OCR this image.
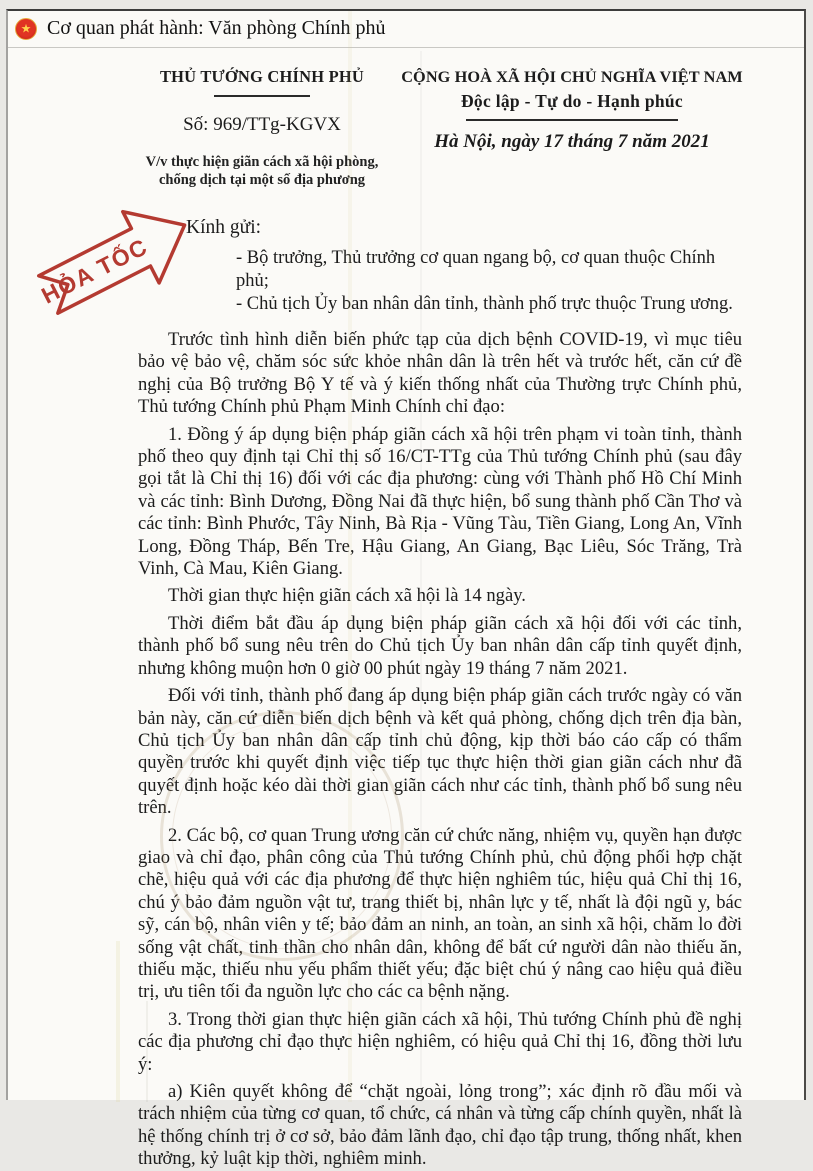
★
Cơ quan phát hành: Văn phòng Chính phủ
THỦ TƯỚNG CHÍNH PHỦ
Số: 969/TTg-KGVX
V/v thực hiện giãn cách xã hội phòng,
chống dịch tại một số địa phương
CỘNG HOÀ XÃ HỘI CHỦ NGHĨA VIỆT NAM
Độc lập - Tự do - Hạnh phúc
Hà Nội, ngày 17 tháng 7 năm 2021
HỎA TỐC
Kính gửi:
- Bộ trưởng, Thủ trưởng cơ quan ngang bộ, cơ quan thuộc Chính phủ;
- Chủ tịch Ủy ban nhân dân tỉnh, thành phố trực thuộc Trung ương.

Trước tình hình diễn biến phức tạp của dịch bệnh COVID-19, vì mục tiêu bảo vệ bảo vệ, chăm sóc sức khỏe nhân dân là trên hết và trước hết, căn cứ đề nghị của Bộ trưởng Bộ Y tế và ý kiến thống nhất của Thường trực Chính phủ, Thủ tướng Chính phủ Phạm Minh Chính chỉ đạo:

1. Đồng ý áp dụng biện pháp giãn cách xã hội trên phạm vi toàn tỉnh, thành phố theo quy định tại Chỉ thị số 16/CT-TTg của Thủ tướng Chính phủ (sau đây gọi tắt là Chỉ thị 16) đối với các địa phương: cùng với Thành phố Hồ Chí Minh và các tỉnh: Bình Dương, Đồng Nai đã thực hiện, bổ sung thành phố Cần Thơ và các tỉnh: Bình Phước, Tây Ninh, Bà Rịa - Vũng Tàu, Tiền Giang, Long An, Vĩnh Long, Đồng Tháp, Bến Tre, Hậu Giang, An Giang, Bạc Liêu, Sóc Trăng, Trà Vinh, Cà Mau, Kiên Giang.

Thời gian thực hiện giãn cách xã hội là 14 ngày.

Thời điểm bắt đầu áp dụng biện pháp giãn cách xã hội đối với các tỉnh, thành phố bổ sung nêu trên do Chủ tịch Ủy ban nhân dân cấp tỉnh quyết định, nhưng không muộn hơn 0 giờ 00 phút ngày 19 tháng 7 năm 2021.

Đối với tỉnh, thành phố đang áp dụng biện pháp giãn cách trước ngày có văn bản này, căn cứ diễn biến dịch bệnh và kết quả phòng, chống dịch trên địa bàn, Chủ tịch Ủy ban nhân dân cấp tỉnh chủ động, kịp thời báo cáo cấp có thẩm quyền trước khi quyết định việc tiếp tục thực hiện thời gian giãn cách như đã quyết định hoặc kéo dài thời gian giãn cách như các tỉnh, thành phố bổ sung nêu trên.

2. Các bộ, cơ quan Trung ương căn cứ chức năng, nhiệm vụ, quyền hạn được giao và chỉ đạo, phân công của Thủ tướng Chính phủ, chủ động phối hợp chặt chẽ, hiệu quả với các địa phương để thực hiện nghiêm túc, hiệu quả Chỉ thị 16, chú ý bảo đảm nguồn vật tư, trang thiết bị, nhân lực y tế, nhất là đội ngũ y, bác sỹ, cán bộ, nhân viên y tế; bảo đảm an ninh, an toàn, an sinh xã hội, chăm lo đời sống vật chất, tinh thần cho nhân dân, không để bất cứ người dân nào thiếu ăn, thiếu mặc, thiếu nhu yếu phẩm thiết yếu; đặc biệt chú ý nâng cao hiệu quả điều trị, ưu tiên tối đa nguồn lực cho các ca bệnh nặng.

3. Trong thời gian thực hiện giãn cách xã hội, Thủ tướng Chính phủ đề nghị các địa phương chỉ đạo thực hiện nghiêm, có hiệu quả Chỉ thị 16, đồng thời lưu ý:

a) Kiên quyết không để “chặt ngoài, lỏng trong”; xác định rõ đầu mối và trách nhiệm của từng cơ quan, tổ chức, cá nhân và từng cấp chính quyền, nhất là hệ thống chính trị ở cơ sở, bảo đảm lãnh đạo, chỉ đạo tập trung, thống nhất, khen thưởng, kỷ luật kịp thời, nghiêm minh.
